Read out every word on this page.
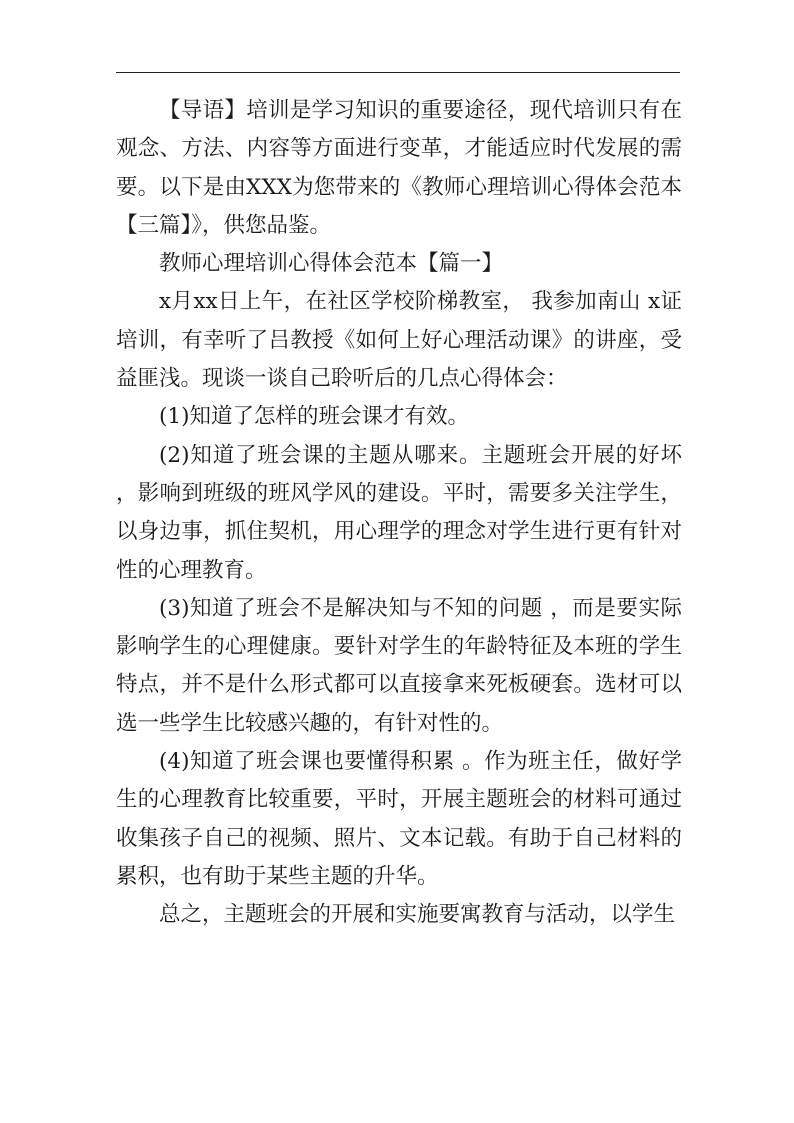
【导语】培训是学习知识的重要途径，现代培训只有在观念、方法、内容等方面进行变革，才能适应时代发展的需要。以下是由XXX为您带来的《教师心理培训心得体会范本【三篇】》，供您品鉴。

教师心理培训心得体会范本【篇一】

x月xx日上午，在社区学校阶梯教室， 我参加南山 x证培训，有幸听了吕教授《如何上好心理活动课》的讲座，受益匪浅。现谈一谈自己聆听后的几点心得体会：

(1)知道了怎样的班会课才有效。

(2)知道了班会课的主题从哪来。主题班会开展的好坏 ，影响到班级的班风学风的建设。平时，需要多关注学生，以身边事，抓住契机，用心理学的理念对学生进行更有针对性的心理教育。

(3)知道了班会不是解决知与不知的问题 ，而是要实际影响学生的心理健康。要针对学生的年龄特征及本班的学生特点，并不是什么形式都可以直接拿来死板硬套。选材可以选一些学生比较感兴趣的，有针对性的。

(4)知道了班会课也要懂得积累 。作为班主任，做好学生的心理教育比较重要，平时，开展主题班会的材料可通过收集孩子自己的视频、照片、文本记载。有助于自己材料的累积，也有助于某些主题的升华。

总之，主题班会的开展和实施要寓教育与活动，以学生
